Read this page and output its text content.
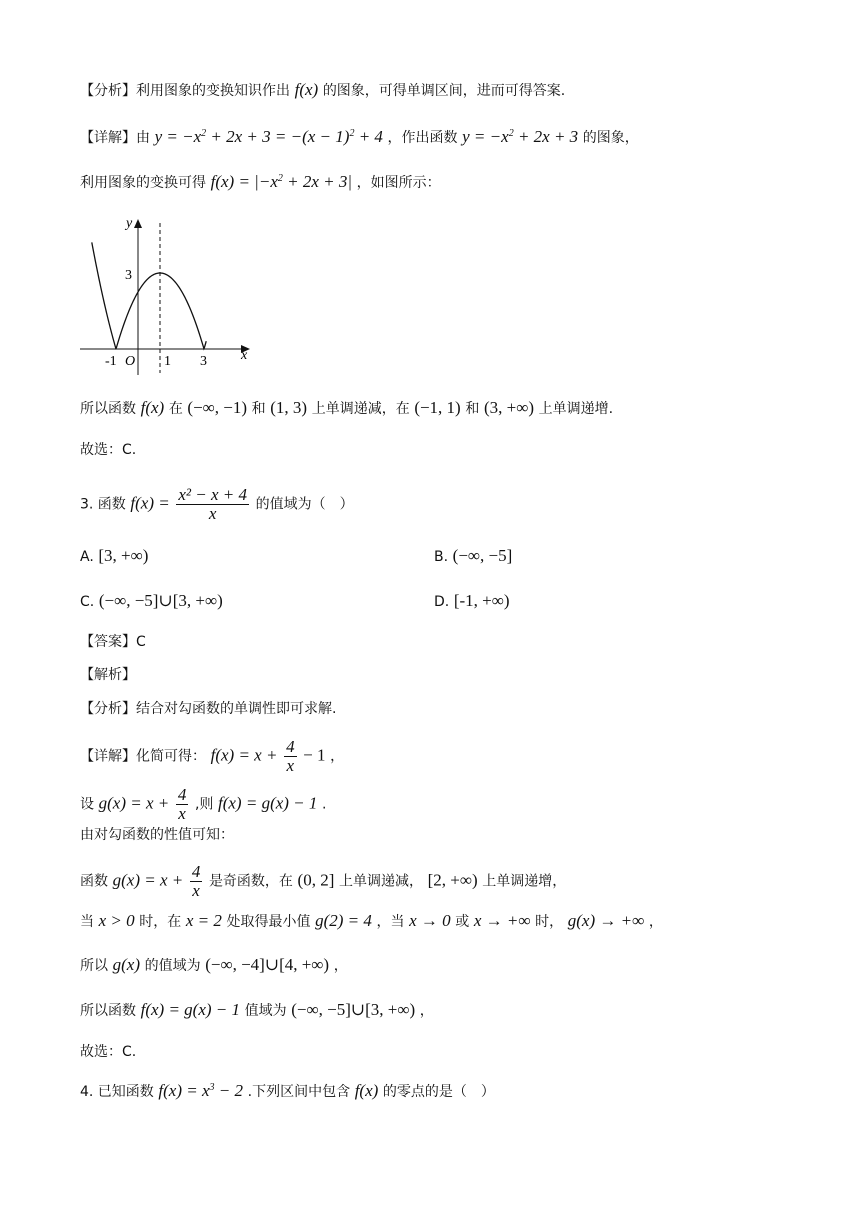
【分析】利用图象的变换知识作出 f(x) 的图象，可得单调区间，进而可得答案.
【详解】由 $y = -x^2 + 2x + 3 = -(x - 1)^2 + 4$ ，作出函数 $y = -x^2 + 2x + 3$ 的图象，
利用图象的变换可得 $f(x) = |-x^2 + 2x + 3|$ ，如图所示：
y
x
3
-1 O 1 3
所以函数 f(x) 在 (−∞, −1) 和 (1, 3) 上单调递减，在 (−1, 1) 和 (3, +∞) 上单调递增.
故选：C.
3. 函数 $f(x) = \frac{\text{x² − x + 4}}{x}$ 的值域为（　）
A. [3, +∞)	B. (−∞, −5]
C. (−∞, −5]∪[3, +∞)	D. [-1, +∞)
【答案】C
【解析】
【分析】结合对勾函数的单调性即可求解.
【详解】化简可得： $f(x) = x + \frac{4}{x} - 1$ ，
设 $g(x) = x + \frac{4}{x}$ ,则 f(x) = g(x) − 1 .
由对勾函数的性值可知：
函数 $g(x) = x + \frac{4}{x}$ 是奇函数，在 (0, 2] 上单调递减， [2, +∞) 上单调递增，
当 x > 0 时，在 x = 2 处取得最小值 g(2) = 4 ，当 x → 0 或 x → +∞ 时， g(x) → +∞ ，
所以 g(x) 的值域为 (−∞, −4]∪[4, +∞) ，
所以函数 f(x) = g(x) − 1 值域为 (−∞, −5]∪[3, +∞) ，
故选：C.
4. 已知函数 $f(x) = x^3 - 2$ .下列区间中包含 f(x) 的零点的是（　）
